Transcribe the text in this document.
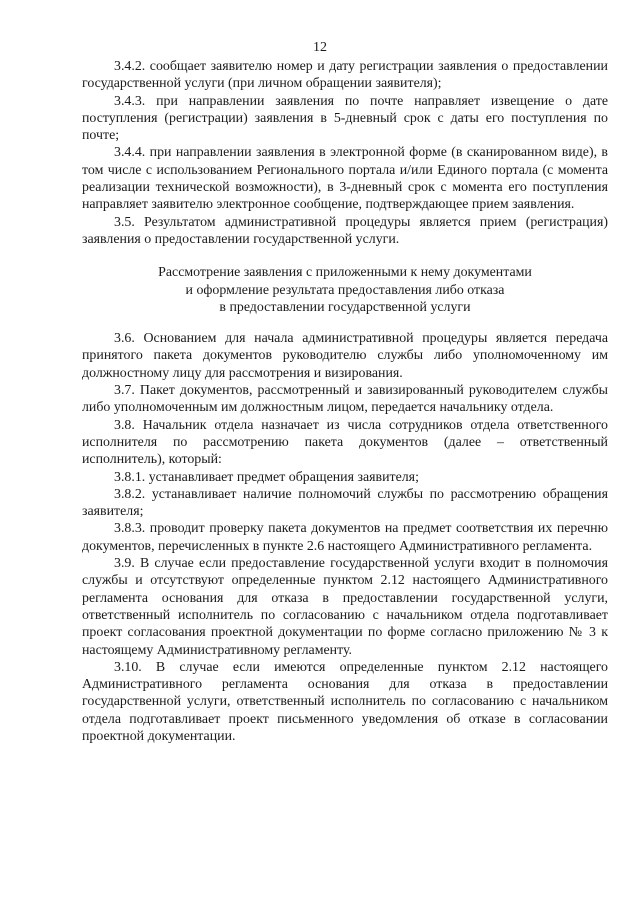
12

3.4.2. сообщает заявителю номер и дату регистрации заявления о предоставлении государственной услуги (при личном обращении заявителя);

3.4.3. при направлении заявления по почте направляет извещение о дате поступления (регистрации) заявления в 5-дневный срок с даты его поступления по почте;

3.4.4. при направлении заявления в электронной форме (в сканированном виде), в том числе с использованием Регионального портала и/или Единого портала (с момента реализации технической возможности), в 3-дневный срок с момента его поступления направляет заявителю электронное сообщение, подтверждающее прием заявления.

3.5. Результатом административной процедуры является прием (регистрация) заявления о предоставлении государственной услуги.

Рассмотрение заявления с приложенными к нему документами
и оформление результата предоставления либо отказа
в предоставлении государственной услуги

3.6. Основанием для начала административной процедуры является передача принятого пакета документов руководителю службы либо уполномоченному им должностному лицу для рассмотрения и визирования.

3.7. Пакет документов, рассмотренный и завизированный руководителем службы либо уполномоченным им должностным лицом, передается начальнику отдела.

3.8. Начальник отдела назначает из числа сотрудников отдела ответственного исполнителя по рассмотрению пакета документов (далее – ответственный исполнитель), который:

3.8.1. устанавливает предмет обращения заявителя;

3.8.2. устанавливает наличие полномочий службы по рассмотрению обращения заявителя;

3.8.3. проводит проверку пакета документов на предмет соответствия их перечню документов, перечисленных в пункте 2.6 настоящего Административного регламента.

3.9. В случае если предоставление государственной услуги входит в полномочия службы и отсутствуют определенные пунктом 2.12 настоящего Административного регламента основания для отказа в предоставлении государственной услуги, ответственный исполнитель по согласованию с начальником отдела подготавливает проект согласования проектной документации по форме согласно приложению № 3 к настоящему Административному регламенту.

3.10. В случае если имеются определенные пунктом 2.12 настоящего Административного регламента основания для отказа в предоставлении государственной услуги, ответственный исполнитель по согласованию с начальником отдела подготавливает проект письменного уведомления об отказе в согласовании проектной документации.
